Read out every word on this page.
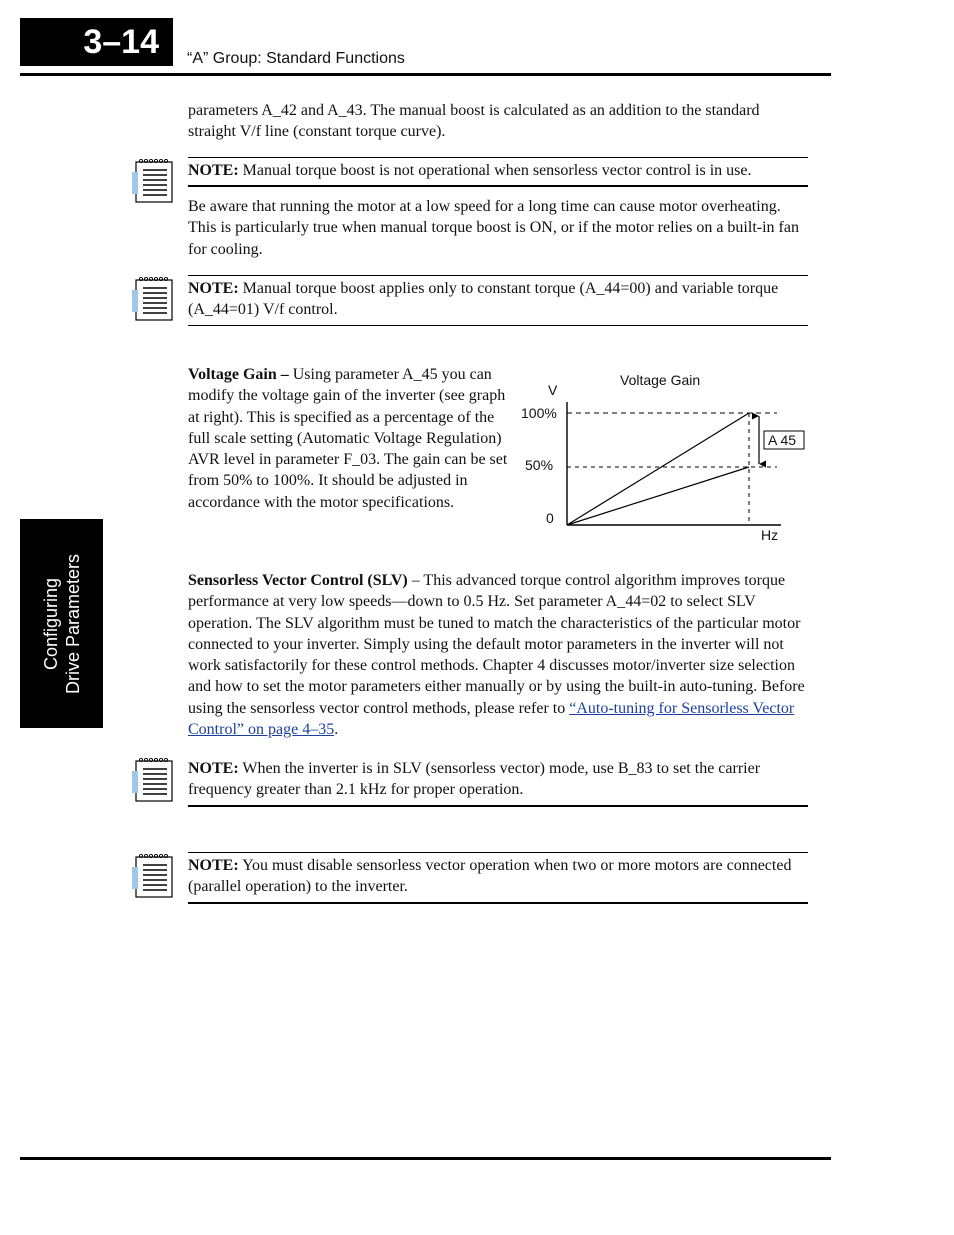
3–14	“A” Group: Standard Functions
Configuring Drive Parameters

parameters A_42 and A_43. The manual boost is calculated as an addition to the standard straight V/f line (constant torque curve).

NOTE: Manual torque boost is not operational when sensorless vector control is in use.

Be aware that running the motor at a low speed for a long time can cause motor overheating. This is particularly true when manual torque boost is ON, or if the motor relies on a built-in fan for cooling.

NOTE: Manual torque boost applies only to constant torque (A_44=00) and variable torque (A_44=01) V/f control.

Voltage Gain – Using parameter A_45 you can modify the voltage gain of the inverter (see graph at right). This is specified as a percentage of the full scale setting (Automatic Voltage Regulation) AVR level in parameter F_03. The gain can be set from 50% to 100%. It should be adjusted in accordance with the motor specifications.

Voltage Gain
V
Hz
100%
50%
0
A 45

Sensorless Vector Control (SLV) – This advanced torque control algorithm improves torque performance at very low speeds—down to 0.5 Hz. Set parameter A_44=02 to select SLV operation. The SLV algorithm must be tuned to match the characteristics of the particular motor connected to your inverter. Simply using the default motor parameters in the inverter will not work satisfactorily for these control methods. Chapter 4 discusses motor/inverter size selection and how to set the motor parameters either manually or by using the built-in auto-tuning. Before using the sensorless vector control methods, please refer to “Auto-tuning for Sensorless Vector Control” on page 4–35.

NOTE: When the inverter is in SLV (sensorless vector) mode, use B_83 to set the carrier frequency greater than 2.1 kHz for proper operation.
NOTE: You must disable sensorless vector operation when two or more motors are connected (parallel operation) to the inverter.
